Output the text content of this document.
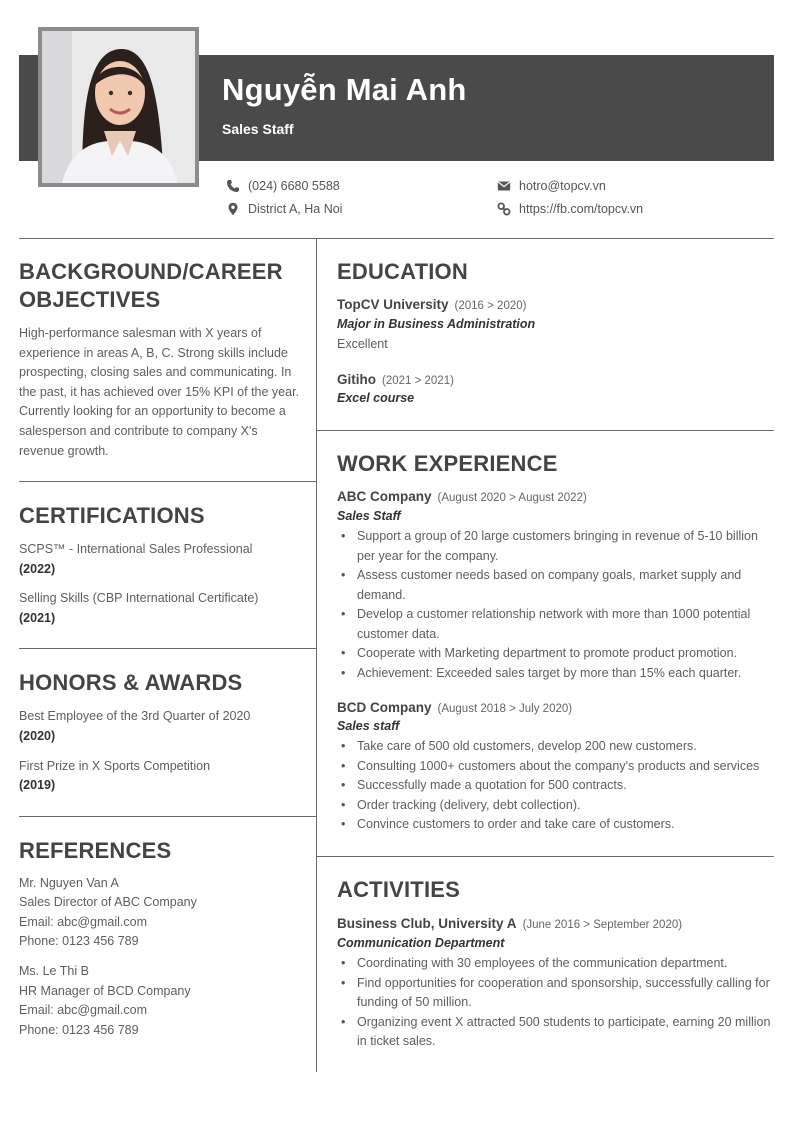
Nguyễn Mai Anh
Sales Staff
(024) 6680 5588
District A, Ha Noi
hotro@topcv.vn
https://fb.com/topcv.vn
BACKGROUND/CAREER OBJECTIVES
High-performance salesman with X years of experience in areas A, B, C. Strong skills include prospecting, closing sales and communicating. In the past, it has achieved over 15% KPI of the year. Currently looking for an opportunity to become a salesperson and contribute to company X's revenue growth.
CERTIFICATIONS
SCPS™ - International Sales Professional
(2022)
Selling Skills (CBP International Certificate)
(2021)
HONORS & AWARDS
Best Employee of the 3rd Quarter of 2020
(2020)
First Prize in X Sports Competition
(2019)
REFERENCES
Mr. Nguyen Van A
Sales Director of ABC Company
Email: abc@gmail.com
Phone: 0123 456 789
Ms. Le Thi B
HR Manager of BCD Company
Email: abc@gmail.com
Phone: 0123 456 789
EDUCATION
TopCV University (2016 > 2020)
Major in Business Administration
Excellent
Gitiho (2021 > 2021)
Excel course
WORK EXPERIENCE
ABC Company (August 2020 > August 2022)
Sales Staff
• Support a group of 20 large customers bringing in revenue of 5-10 billion per year for the company.
• Assess customer needs based on company goals, market supply and demand.
• Develop a customer relationship network with more than 1000 potential customer data.
• Cooperate with Marketing department to promote product promotion.
• Achievement: Exceeded sales target by more than 15% each quarter.
BCD Company (August 2018 > July 2020)
Sales staff
• Take care of 500 old customers, develop 200 new customers.
• Consulting 1000+ customers about the company's products and services
• Successfully made a quotation for 500 contracts.
• Order tracking (delivery, debt collection).
• Convince customers to order and take care of customers.
ACTIVITIES
Business Club, University A (June 2016 > September 2020)
Communication Department
• Coordinating with 30 employees of the communication department.
• Find opportunities for cooperation and sponsorship, successfully calling for funding of 50 million.
• Organizing event X attracted 500 students to participate, earning 20 million in ticket sales.
